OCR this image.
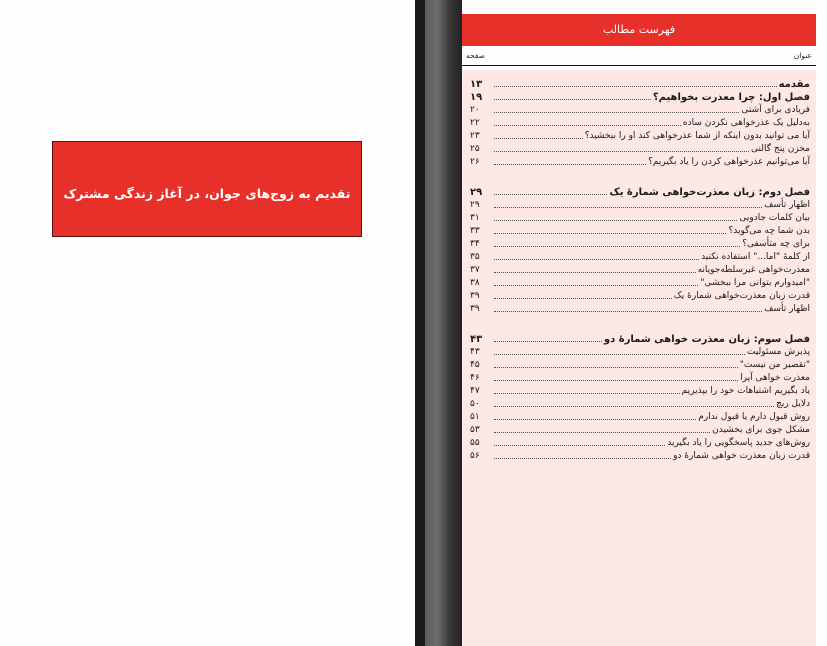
تقدیم به زوج‌های جوان، در آغاز زندگی مشترک
فهرست مطالب
عنوان
صفحه
مقدمه
۱۳
فصل اول: چرا معذرت بخواهیم؟
۱۹
فریادی برای آشتی
۲۰
به‌دلیل یک عذرخواهی نکردن ساده
۲۲
آیا می توانید بدون اینکه از شما عذرخواهی کند او را ببخشید؟
۲۳
مخزن پنج گالنی
۲۵
آیا می‌توانیم عذرخواهی کردن را یاد بگیریم؟
۲۶
فصل دوم: زبان معذرت‌خواهی شمارهٔ یک
۲۹
اظهار تأسف
۲۹
بیان کلمات جادویی
۳۱
بدن شما چه می‌گوید؟
۳۳
برای چه متأسفی؟
۳۴
از کلمهٔ "اما..." استفاده نکنید
۳۵
معذرت‌خواهی غیرسلطه‌جویانه
۳۷
"امیدوارم بتوانی مرا ببخشی"
۳۸
قدرت زبان معذرت‌خواهی شمارهٔ یک
۳۹
اظهار تأسف
۳۹
فصل سوم: زبان معذرت خواهی شمارهٔ دو
۴۳
پذیرش مسئولیت
۴۳
"تقصیر من نیست"
۴۵
معذرت خواهی آپرا
۴۶
یاد بگیریم اشتباهات خود را بپذیریم
۴۷
دلایل ریچ
۵۰
روش قبول دارم یا قبول ندارم
۵۱
مشکل جوی برای بخشیدن
۵۳
روش‌های جدید پاسخگویی را یاد بگیرید
۵۵
قدرت زبان معذرت خواهی شمارهٔ دو
۵۶
